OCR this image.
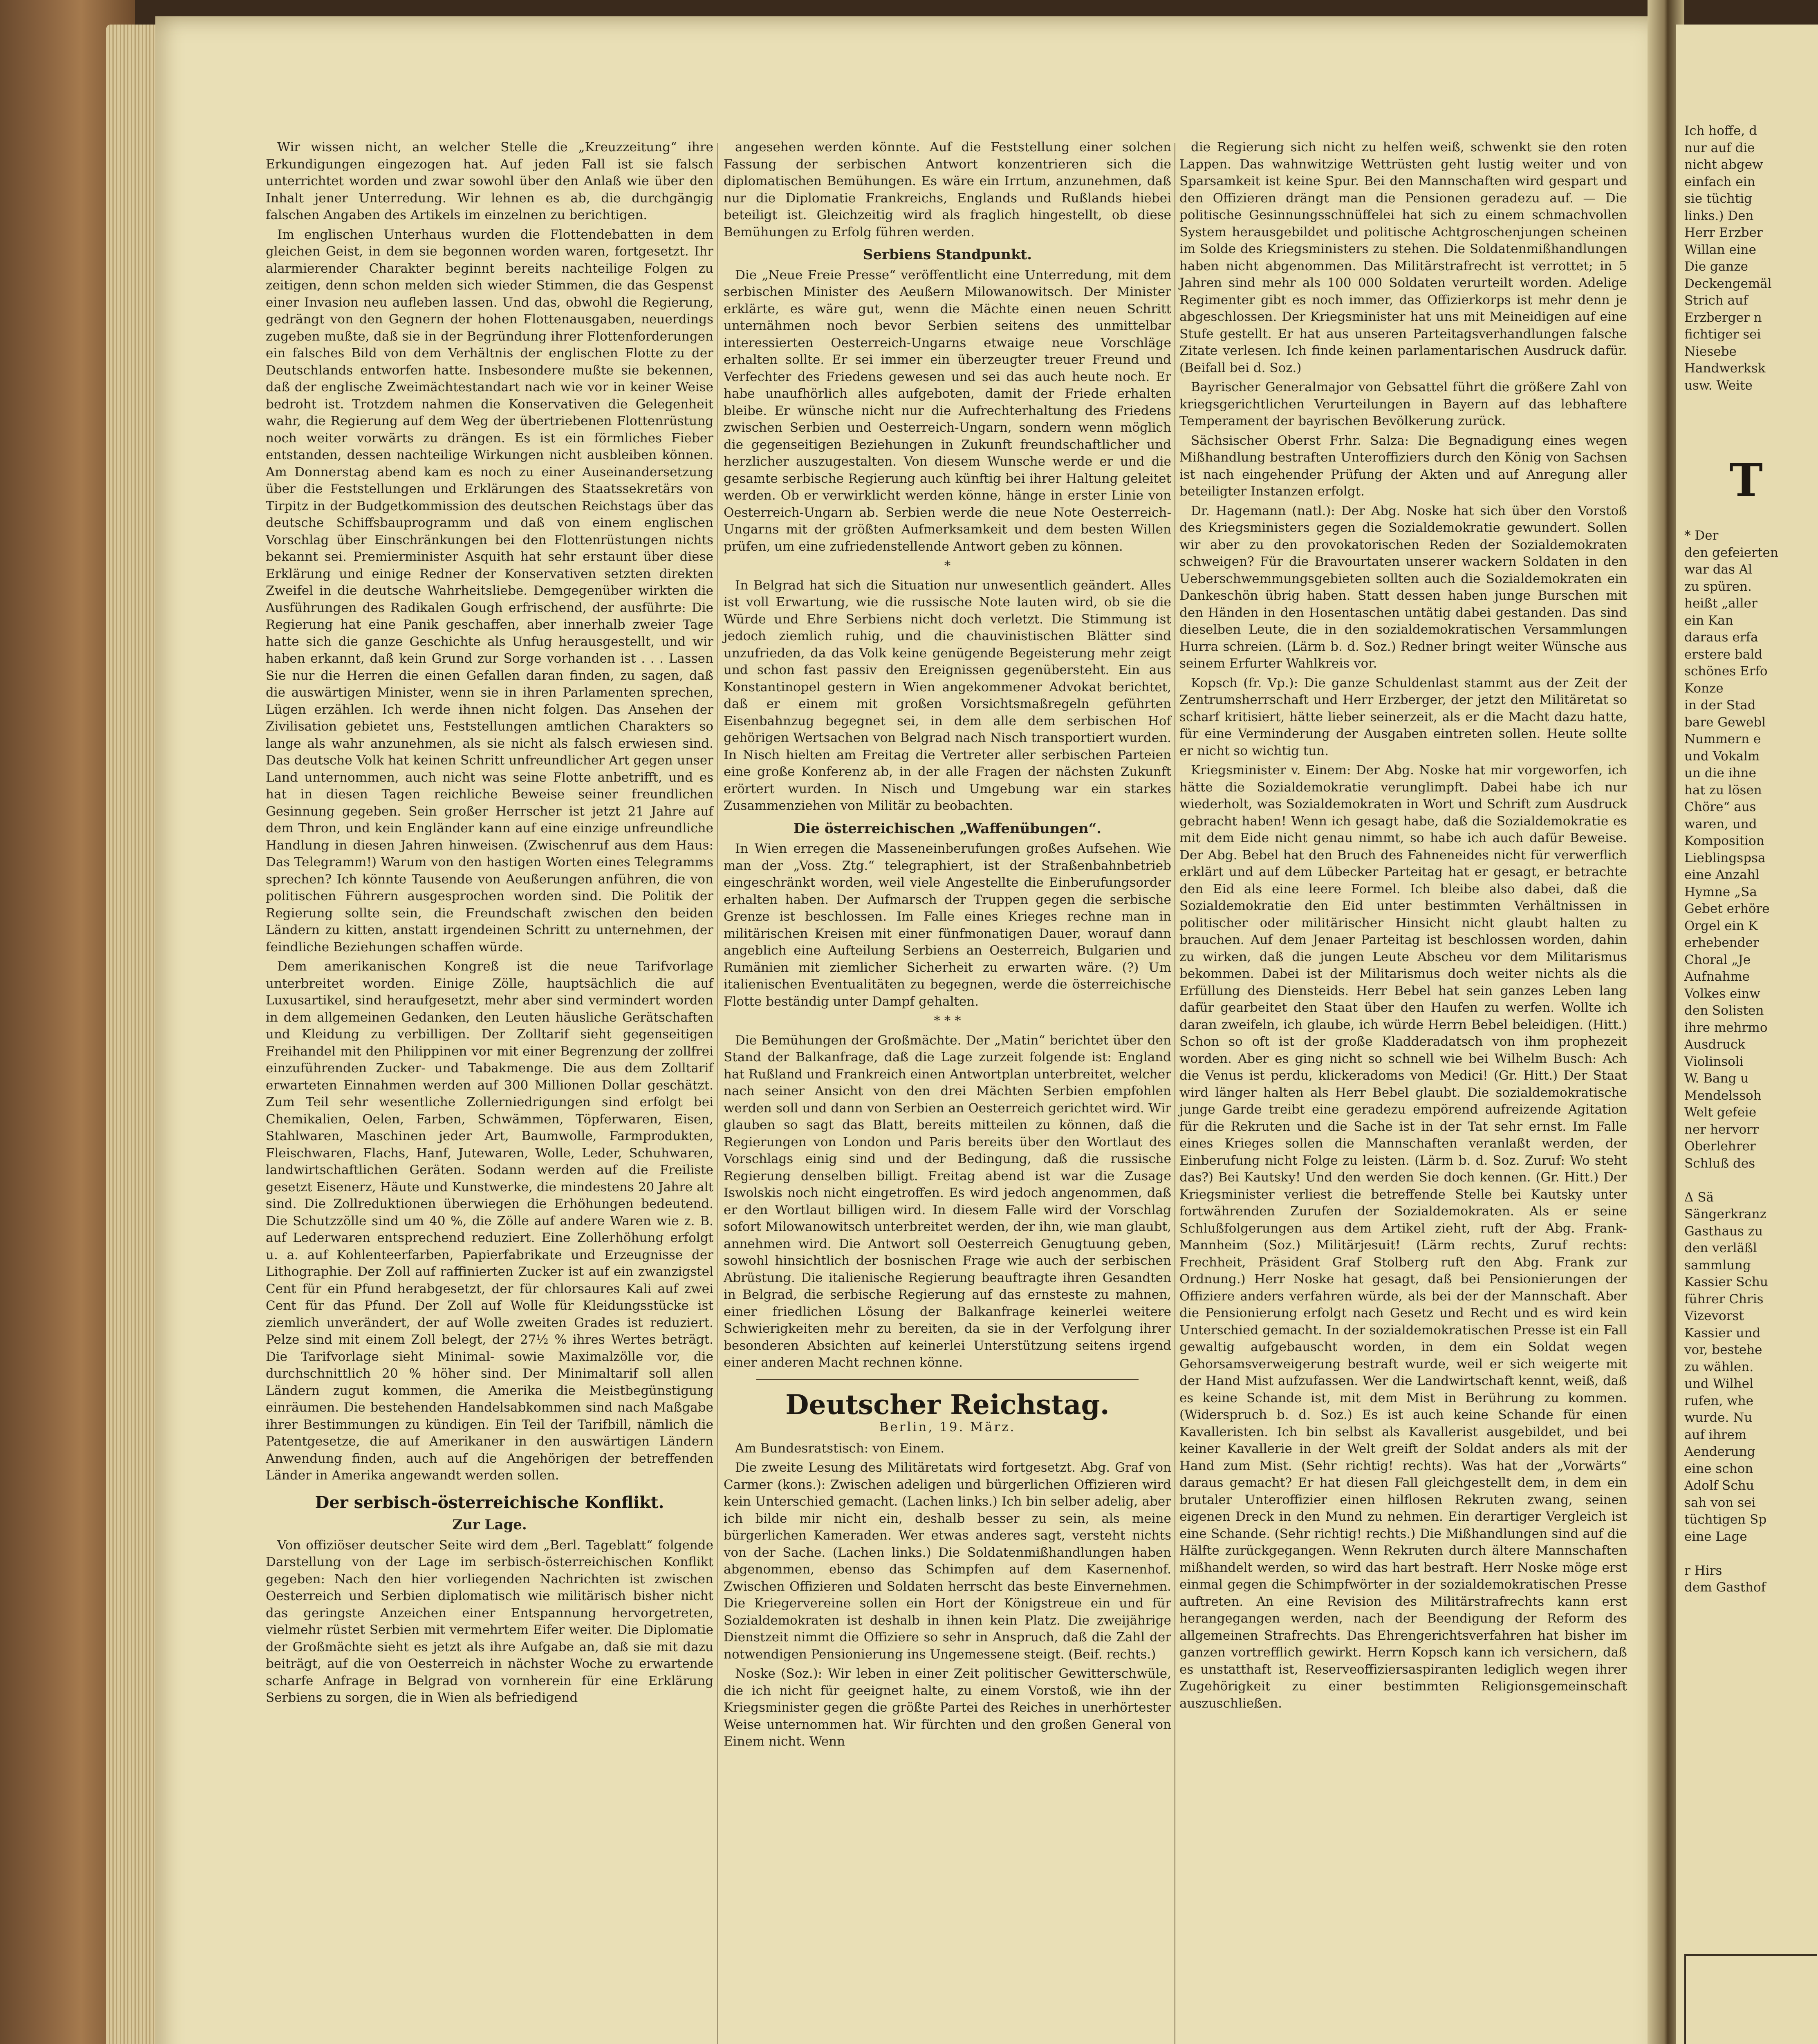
Wir wissen nicht, an welcher Stelle die „Kreuzzeitung“ ihre Erkundigungen eingezogen hat. Auf jeden Fall ist sie falsch unterrichtet worden und zwar sowohl über den Anlaß wie über den Inhalt jener Unterredung. Wir lehnen es ab, die durchgängig falschen Angaben des Artikels im einzelnen zu berichtigen.

Im englischen Unterhaus wurden die Flottendebatten in dem gleichen Geist, in dem sie begonnen worden waren, fortgesetzt. Ihr alarmierender Charakter beginnt bereits nachteilige Folgen zu zeitigen, denn schon melden sich wieder Stimmen, die das Gespenst einer Invasion neu aufleben lassen. Und das, obwohl die Regierung, gedrängt von den Gegnern der hohen Flottenausgaben, neuerdings zugeben mußte, daß sie in der Begründung ihrer Flottenforderungen ein falsches Bild von dem Verhältnis der englischen Flotte zu der Deutschlands entworfen hatte. Insbesondere mußte sie bekennen, daß der englische Zweimächtestandart nach wie vor in keiner Weise bedroht ist. Trotzdem nahmen die Konservativen die Gelegenheit wahr, die Regierung auf dem Weg der übertriebenen Flottenrüstung noch weiter vorwärts zu drängen. Es ist ein förmliches Fieber entstanden, dessen nachteilige Wirkungen nicht ausbleiben können. Am Donnerstag abend kam es noch zu einer Auseinandersetzung über die Feststellungen und Erklärungen des Staatssekretärs von Tirpitz in der Budgetkommission des deutschen Reichstags über das deutsche Schiffsbauprogramm und daß von einem englischen Vorschlag über Einschränkungen bei den Flottenrüstungen nichts bekannt sei. Premierminister Asquith hat sehr erstaunt über diese Erklärung und einige Redner der Konservativen setzten direkten Zweifel in die deutsche Wahrheitsliebe. Demgegenüber wirkten die Ausführungen des Radikalen Gough erfrischend, der ausführte: Die Regierung hat eine Panik geschaffen, aber innerhalb zweier Tage hatte sich die ganze Geschichte als Unfug herausgestellt, und wir haben erkannt, daß kein Grund zur Sorge vorhanden ist . . . Lassen Sie nur die Herren die einen Gefallen daran finden, zu sagen, daß die auswärtigen Minister, wenn sie in ihren Parlamenten sprechen, Lügen erzählen. Ich werde ihnen nicht folgen. Das Ansehen der Zivilisation gebietet uns, Feststellungen amtlichen Charakters so lange als wahr anzunehmen, als sie nicht als falsch erwiesen sind. Das deutsche Volk hat keinen Schritt unfreundlicher Art gegen unser Land unternommen, auch nicht was seine Flotte anbetrifft, und es hat in diesen Tagen reichliche Beweise seiner freundlichen Gesinnung gegeben. Sein großer Herrscher ist jetzt 21 Jahre auf dem Thron, und kein Engländer kann auf eine einzige unfreundliche Handlung in diesen Jahren hinweisen. (Zwischenruf aus dem Haus: Das Telegramm!) Warum von den hastigen Worten eines Telegramms sprechen? Ich könnte Tausende von Aeußerungen anführen, die von politischen Führern ausgesprochen worden sind. Die Politik der Regierung sollte sein, die Freundschaft zwischen den beiden Ländern zu kitten, anstatt irgendeinen Schritt zu unternehmen, der feindliche Beziehungen schaffen würde.

Dem amerikanischen Kongreß ist die neue Tarifvorlage unterbreitet worden. Einige Zölle, hauptsächlich die auf Luxusartikel, sind heraufgesetzt, mehr aber sind vermindert worden in dem allgemeinen Gedanken, den Leuten häusliche Gerätschaften und Kleidung zu verbilligen. Der Zolltarif sieht gegenseitigen Freihandel mit den Philippinen vor mit einer Begrenzung der zollfrei einzuführenden Zucker- und Tabakmenge. Die aus dem Zolltarif erwarteten Einnahmen werden auf 300 Millionen Dollar geschätzt. Zum Teil sehr wesentliche Zollerniedrigungen sind erfolgt bei Chemikalien, Oelen, Farben, Schwämmen, Töpferwaren, Eisen, Stahlwaren, Maschinen jeder Art, Baumwolle, Farmprodukten, Fleischwaren, Flachs, Hanf, Jutewaren, Wolle, Leder, Schuhwaren, landwirtschaftlichen Geräten. Sodann werden auf die Freiliste gesetzt Eisenerz, Häute und Kunstwerke, die mindestens 20 Jahre alt sind. Die Zollreduktionen überwiegen die Erhöhungen bedeutend. Die Schutzzölle sind um 40 %, die Zölle auf andere Waren wie z. B. auf Lederwaren entsprechend reduziert. Eine Zollerhöhung erfolgt u. a. auf Kohlenteerfarben, Papierfabrikate und Erzeugnisse der Lithographie. Der Zoll auf raffinierten Zucker ist auf ein zwanzigstel Cent für ein Pfund herabgesetzt, der für chlorsaures Kali auf zwei Cent für das Pfund. Der Zoll auf Wolle für Kleidungsstücke ist ziemlich unverändert, der auf Wolle zweiten Grades ist reduziert. Pelze sind mit einem Zoll belegt, der 27½ % ihres Wertes beträgt. Die Tarifvorlage sieht Minimal- sowie Maximalzölle vor, die durchschnittlich 20 % höher sind. Der Minimaltarif soll allen Ländern zugut kommen, die Amerika die Meistbegünstigung einräumen. Die bestehenden Handelsabkommen sind nach Maßgabe ihrer Bestimmungen zu kündigen. Ein Teil der Tarifbill, nämlich die Patentgesetze, die auf Amerikaner in den auswärtigen Ländern Anwendung finden, auch auf die Angehörigen der betreffenden Länder in Amerika angewandt werden sollen.

Der serbisch-österreichische Konflikt.
Zur Lage.

Von offiziöser deutscher Seite wird dem „Berl. Tageblatt“ folgende Darstellung von der Lage im serbisch-österreichischen Konflikt gegeben: Nach den hier vorliegenden Nachrichten ist zwischen Oesterreich und Serbien diplomatisch wie militärisch bisher nicht das geringste Anzeichen einer Entspannung hervorgetreten, vielmehr rüstet Serbien mit vermehrtem Eifer weiter. Die Diplomatie der Großmächte sieht es jetzt als ihre Aufgabe an, daß sie mit dazu beiträgt, auf die von Oesterreich in nächster Woche zu erwartende scharfe Anfrage in Belgrad von vornherein für eine Erklärung Serbiens zu sorgen, die in Wien als befriedigend

angesehen werden könnte. Auf die Feststellung einer solchen Fassung der serbischen Antwort konzentrieren sich die diplomatischen Bemühungen. Es wäre ein Irrtum, anzunehmen, daß nur die Diplomatie Frankreichs, Englands und Rußlands hiebei beteiligt ist. Gleichzeitig wird als fraglich hingestellt, ob diese Bemühungen zu Erfolg führen werden.

Serbiens Standpunkt.

Die „Neue Freie Presse“ veröffentlicht eine Unterredung, mit dem serbischen Minister des Aeußern Milowanowitsch. Der Minister erklärte, es wäre gut, wenn die Mächte einen neuen Schritt unternähmen noch bevor Serbien seitens des unmittelbar interessierten Oesterreich-Ungarns etwaige neue Vorschläge erhalten sollte. Er sei immer ein überzeugter treuer Freund und Verfechter des Friedens gewesen und sei das auch heute noch. Er habe unaufhörlich alles aufgeboten, damit der Friede erhalten bleibe. Er wünsche nicht nur die Aufrechterhaltung des Friedens zwischen Serbien und Oesterreich-Ungarn, sondern wenn möglich die gegenseitigen Beziehungen in Zukunft freundschaftlicher und herzlicher auszugestalten. Von diesem Wunsche werde er und die gesamte serbische Regierung auch künftig bei ihrer Haltung geleitet werden. Ob er verwirklicht werden könne, hänge in erster Linie von Oesterreich-Ungarn ab. Serbien werde die neue Note Oesterreich-Ungarns mit der größten Aufmerksamkeit und dem besten Willen prüfen, um eine zufriedenstellende Antwort geben zu können.

*

In Belgrad hat sich die Situation nur unwesentlich geändert. Alles ist voll Erwartung, wie die russische Note lauten wird, ob sie die Würde und Ehre Serbiens nicht doch verletzt. Die Stimmung ist jedoch ziemlich ruhig, und die chauvinistischen Blätter sind unzufrieden, da das Volk keine genügende Begeisterung mehr zeigt und schon fast passiv den Ereignissen gegenübersteht. Ein aus Konstantinopel gestern in Wien angekommener Advokat berichtet, daß er einem mit großen Vorsichtsmaßregeln geführten Eisenbahnzug begegnet sei, in dem alle dem serbischen Hof gehörigen Wertsachen von Belgrad nach Nisch transportiert wurden. In Nisch hielten am Freitag die Vertreter aller serbischen Parteien eine große Konferenz ab, in der alle Fragen der nächsten Zukunft erörtert wurden. In Nisch und Umgebung war ein starkes Zusammenziehen von Militär zu beobachten.

Die österreichischen „Waffenübungen“.

In Wien erregen die Masseneinberufungen großes Aufsehen. Wie man der „Voss. Ztg.“ telegraphiert, ist der Straßenbahnbetrieb eingeschränkt worden, weil viele Angestellte die Einberufungsorder erhalten haben. Der Aufmarsch der Truppen gegen die serbische Grenze ist beschlossen. Im Falle eines Krieges rechne man in militärischen Kreisen mit einer fünfmonatigen Dauer, worauf dann angeblich eine Aufteilung Serbiens an Oesterreich, Bulgarien und Rumänien mit ziemlicher Sicherheit zu erwarten wäre. (?) Um italienischen Eventualitäten zu begegnen, werde die österreichische Flotte beständig unter Dampf gehalten.

* * *

Die Bemühungen der Großmächte. Der „Matin“ berichtet über den Stand der Balkanfrage, daß die Lage zurzeit folgende ist: England hat Rußland und Frankreich einen Antwortplan unterbreitet, welcher nach seiner Ansicht von den drei Mächten Serbien empfohlen werden soll und dann von Serbien an Oesterreich gerichtet wird. Wir glauben so sagt das Blatt, bereits mitteilen zu können, daß die Regierungen von London und Paris bereits über den Wortlaut des Vorschlags einig sind und der Bedingung, daß die russische Regierung denselben billigt. Freitag abend ist war die Zusage Iswolskis noch nicht eingetroffen. Es wird jedoch angenommen, daß er den Wortlaut billigen wird. In diesem Falle wird der Vorschlag sofort Milowanowitsch unterbreitet werden, der ihn, wie man glaubt, annehmen wird. Die Antwort soll Oesterreich Genugtuung geben, sowohl hinsichtlich der bosnischen Frage wie auch der serbischen Abrüstung. Die italienische Regierung beauftragte ihren Gesandten in Belgrad, die serbische Regierung auf das ernsteste zu mahnen, einer friedlichen Lösung der Balkanfrage keinerlei weitere Schwierigkeiten mehr zu bereiten, da sie in der Verfolgung ihrer besonderen Absichten auf keinerlei Unterstützung seitens irgend einer anderen Macht rechnen könne.

Deutscher Reichstag.
Berlin, 19. März.

Am Bundesratstisch: von Einem.

Die zweite Lesung des Militäretats wird fortgesetzt. Abg. Graf von Carmer (kons.): Zwischen adeligen und bürgerlichen Offizieren wird kein Unterschied gemacht. (Lachen links.) Ich bin selber adelig, aber ich bilde mir nicht ein, deshalb besser zu sein, als meine bürgerlichen Kameraden. Wer etwas anderes sagt, versteht nichts von der Sache. (Lachen links.) Die Soldatenmißhandlungen haben abgenommen, ebenso das Schimpfen auf dem Kasernenhof. Zwischen Offizieren und Soldaten herrscht das beste Einvernehmen. Die Kriegervereine sollen ein Hort der Königstreue ein und für Sozialdemokraten ist deshalb in ihnen kein Platz. Die zweijährige Dienstzeit nimmt die Offiziere so sehr in Anspruch, daß die Zahl der notwendigen Pensionierung ins Ungemessene steigt. (Beif. rechts.)

Noske (Soz.): Wir leben in einer Zeit politischer Gewitterschwüle, die ich nicht für geeignet halte, zu einem Vorstoß, wie ihn der Kriegsminister gegen die größte Partei des Reiches in unerhörtester Weise unternommen hat. Wir fürchten und den großen General von Einem nicht. Wenn

die Regierung sich nicht zu helfen weiß, schwenkt sie den roten Lappen. Das wahnwitzige Wettrüsten geht lustig weiter und von Sparsamkeit ist keine Spur. Bei den Mannschaften wird gespart und den Offizieren drängt man die Pensionen geradezu auf. — Die politische Gesinnungsschnüffelei hat sich zu einem schmachvollen System herausgebildet und politische Achtgroschenjungen scheinen im Solde des Kriegsministers zu stehen. Die Soldatenmißhandlungen haben nicht abgenommen. Das Militärstrafrecht ist verrottet; in 5 Jahren sind mehr als 100 000 Soldaten verurteilt worden. Adelige Regimenter gibt es noch immer, das Offizierkorps ist mehr denn je abgeschlossen. Der Kriegsminister hat uns mit Meineidigen auf eine Stufe gestellt. Er hat aus unseren Parteitagsverhandlungen falsche Zitate verlesen. Ich finde keinen parlamentarischen Ausdruck dafür. (Beifall bei d. Soz.)

Bayrischer Generalmajor von Gebsattel führt die größere Zahl von kriegsgerichtlichen Verurteilungen in Bayern auf das lebhaftere Temperament der bayrischen Bevölkerung zurück.

Sächsischer Oberst Frhr. Salza: Die Begnadigung eines wegen Mißhandlung bestraften Unteroffiziers durch den König von Sachsen ist nach eingehender Prüfung der Akten und auf Anregung aller beteiligter Instanzen erfolgt.

Dr. Hagemann (natl.): Der Abg. Noske hat sich über den Vorstoß des Kriegsministers gegen die Sozialdemokratie gewundert. Sollen wir aber zu den provokatorischen Reden der Sozialdemokraten schweigen? Für die Bravourtaten unserer wackern Soldaten in den Ueberschwemmungsgebieten sollten auch die Sozialdemokraten ein Dankeschön übrig haben. Statt dessen haben junge Burschen mit den Händen in den Hosentaschen untätig dabei gestanden. Das sind dieselben Leute, die in den sozialdemokratischen Versammlungen Hurra schreien. (Lärm b. d. Soz.) Redner bringt weiter Wünsche aus seinem Erfurter Wahlkreis vor.

Kopsch (fr. Vp.): Die ganze Schuldenlast stammt aus der Zeit der Zentrumsherrschaft und Herr Erzberger, der jetzt den Militäretat so scharf kritisiert, hätte lieber seinerzeit, als er die Macht dazu hatte, für eine Verminderung der Ausgaben eintreten sollen. Heute sollte er nicht so wichtig tun.

Kriegsminister v. Einem: Der Abg. Noske hat mir vorgeworfen, ich hätte die Sozialdemokratie verunglimpft. Dabei habe ich nur wiederholt, was Sozialdemokraten in Wort und Schrift zum Ausdruck gebracht haben! Wenn ich gesagt habe, daß die Sozialdemokratie es mit dem Eide nicht genau nimmt, so habe ich auch dafür Beweise. Der Abg. Bebel hat den Bruch des Fahneneides nicht für verwerflich erklärt und auf dem Lübecker Parteitag hat er gesagt, er betrachte den Eid als eine leere Formel. Ich bleibe also dabei, daß die Sozialdemokratie den Eid unter bestimmten Verhältnissen in politischer oder militärischer Hinsicht nicht glaubt halten zu brauchen. Auf dem Jenaer Parteitag ist beschlossen worden, dahin zu wirken, daß die jungen Leute Abscheu vor dem Militarismus bekommen. Dabei ist der Militarismus doch weiter nichts als die Erfüllung des Diensteids. Herr Bebel hat sein ganzes Leben lang dafür gearbeitet den Staat über den Haufen zu werfen. Wollte ich daran zweifeln, ich glaube, ich würde Herrn Bebel beleidigen. (Hitt.) Schon so oft ist der große Kladderadatsch von ihm prophezeit worden. Aber es ging nicht so schnell wie bei Wilhelm Busch: Ach die Venus ist perdu, klickeradoms von Medici! (Gr. Hitt.) Der Staat wird länger halten als Herr Bebel glaubt. Die sozialdemokratische junge Garde treibt eine geradezu empörend aufreizende Agitation für die Rekruten und die Sache ist in der Tat sehr ernst. Im Falle eines Krieges sollen die Mannschaften veranlaßt werden, der Einberufung nicht Folge zu leisten. (Lärm b. d. Soz. Zuruf: Wo steht das?) Bei Kautsky! Und den werden Sie doch kennen. (Gr. Hitt.) Der Kriegsminister verliest die betreffende Stelle bei Kautsky unter fortwährenden Zurufen der Sozialdemokraten. Als er seine Schlußfolgerungen aus dem Artikel zieht, ruft der Abg. Frank-Mannheim (Soz.) Militärjesuit! (Lärm rechts, Zuruf rechts: Frechheit, Präsident Graf Stolberg ruft den Abg. Frank zur Ordnung.) Herr Noske hat gesagt, daß bei Pensionierungen der Offiziere anders verfahren würde, als bei der der Mannschaft. Aber die Pensionierung erfolgt nach Gesetz und Recht und es wird kein Unterschied gemacht. In der sozialdemokratischen Presse ist ein Fall gewaltig aufgebauscht worden, in dem ein Soldat wegen Gehorsamsverweigerung bestraft wurde, weil er sich weigerte mit der Hand Mist aufzufassen. Wer die Landwirtschaft kennt, weiß, daß es keine Schande ist, mit dem Mist in Berührung zu kommen. (Widerspruch b. d. Soz.) Es ist auch keine Schande für einen Kavalleristen. Ich bin selbst als Kavallerist ausgebildet, und bei keiner Kavallerie in der Welt greift der Soldat anders als mit der Hand zum Mist. (Sehr richtig! rechts). Was hat der „Vorwärts“ daraus gemacht? Er hat diesen Fall gleichgestellt dem, in dem ein brutaler Unteroffizier einen hilflosen Rekruten zwang, seinen eigenen Dreck in den Mund zu nehmen. Ein derartiger Vergleich ist eine Schande. (Sehr richtig! rechts.) Die Mißhandlungen sind auf die Hälfte zurückgegangen. Wenn Rekruten durch ältere Mannschaften mißhandelt werden, so wird das hart bestraft. Herr Noske möge erst einmal gegen die Schimpfwörter in der sozialdemokratischen Presse auftreten. An eine Revision des Militärstrafrechts kann erst herangegangen werden, nach der Beendigung der Reform des allgemeinen Strafrechts. Das Ehrengerichtsverfahren hat bisher im ganzen vortrefflich gewirkt. Herrn Kopsch kann ich versichern, daß es unstatthaft ist, Reserveoffiziersaspiranten lediglich wegen ihrer Zugehörigkeit zu einer bestimmten Religionsgemeinschaft auszuschließen.

Ich hoffe, d
nur auf die
nicht abgew
einfach ein
sie tüchtig
links.) Den
Herr Erzber
Willan eine
Die ganze
Deckengemäl
Strich auf
Erzberger n
fichtiger sei
Niesebe
Handwerksk
usw. Weite
T
* Der
den gefeierten
war das Al
zu spüren.
heißt „aller
ein Kan
daraus erfa
erstere bald
schönes Erfo
Konze
in der Stad
bare Gewebl
Nummern e
und Vokalm
un die ihne
hat zu lösen
Chöre“ aus
waren, und
Komposition
Lieblingspsa
eine Anzahl
Hymne „Sa
Gebet erhöre
Orgel ein K
erhebender
Choral „Je
Aufnahme
Volkes einw
den Solisten
ihre mehrmo
Ausdruck
Violinsoli
W. Bang u
Mendelssoh
Welt gefeie
ner hervorr
Oberlehrer
Schluß des

Δ Sä
Sängerkranz
Gasthaus zu
den verläßl
sammlung
Kassier Schu
führer Chris
Vizevorst
Kassier und
vor, bestehe
zu wählen.
und Wilhel
rufen, whe
wurde. Nu
auf ihrem
Aenderung
eine schon
Adolf Schu
sah von sei
tüchtigen Sp
eine Lage

r Hirs
dem Gasthof
